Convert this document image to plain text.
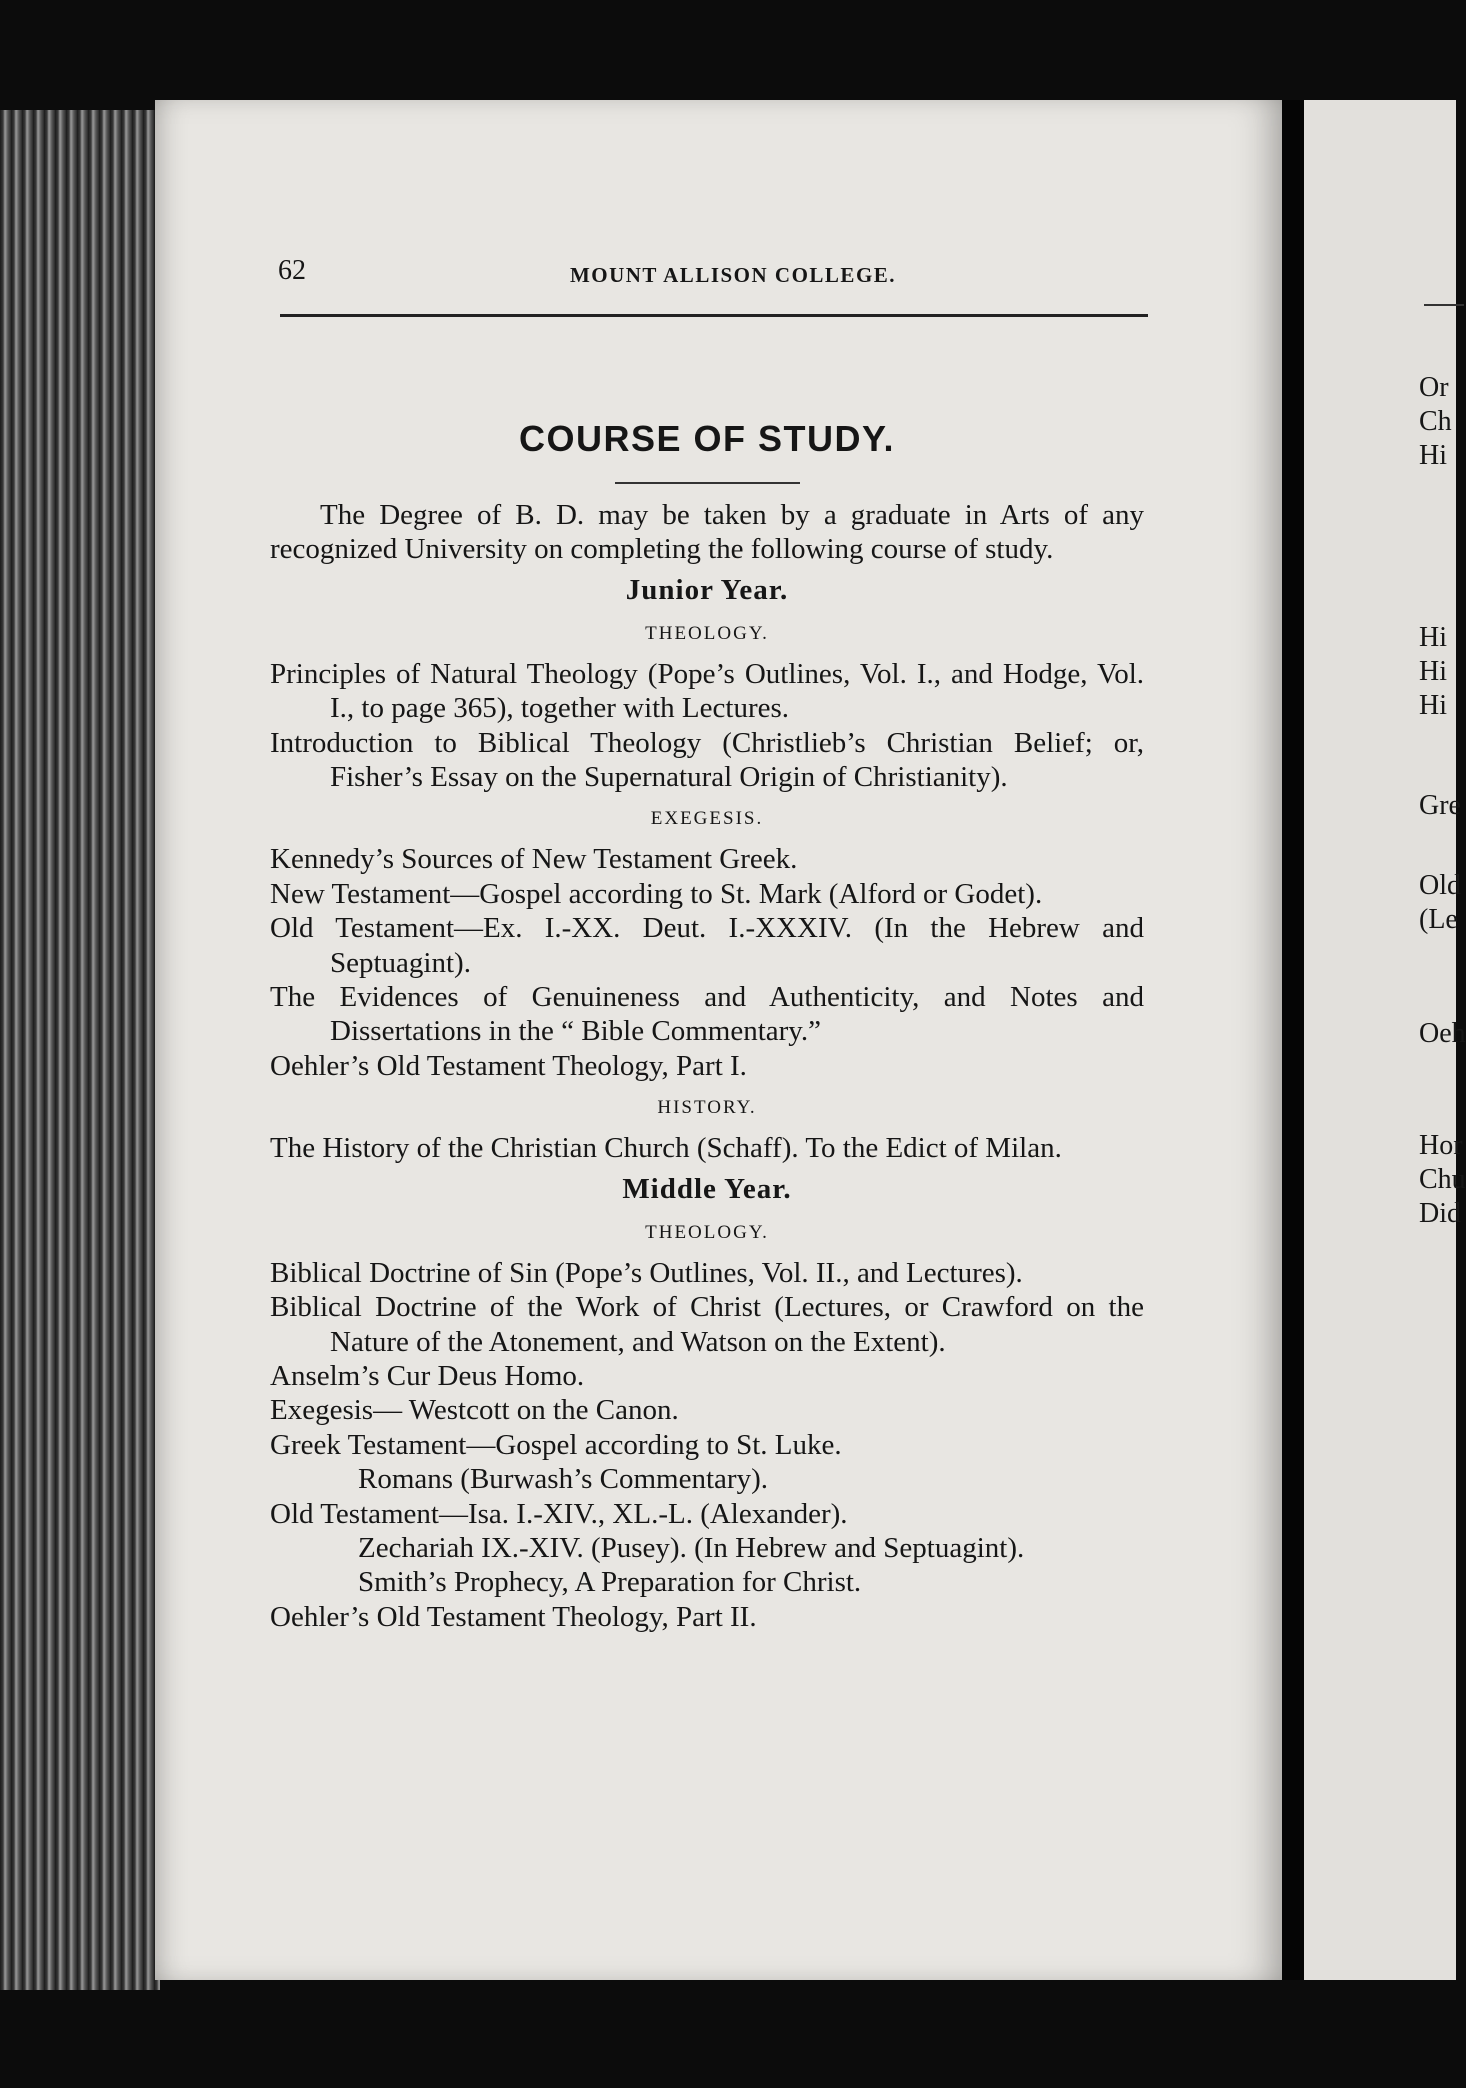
62	MOUNT ALLISON COLLEGE.
COURSE OF STUDY.

The Degree of B. D. may be taken by a graduate in Arts of any recognized University on completing the following course of study.

Junior Year.
THEOLOGY.

Principles of Natural Theology (Pope’s Outlines, Vol. I., and Hodge, Vol. I., to page 365), together with Lectures.

Introduction to Biblical Theology (Christlieb’s Christian Belief; or, Fisher’s Essay on the Supernatural Origin of Christianity).

EXEGESIS.

Kennedy’s Sources of New Testament Greek.

New Testament—Gospel according to St. Mark (Alford or Godet).

Old Testament—Ex. I.-XX. Deut. I.-XXXIV. (In the Hebrew and Septuagint).

The Evidences of Genuineness and Authenticity, and Notes and Dissertations in the “ Bible Commentary.”

Oehler’s Old Testament Theology, Part I.

HISTORY.

The History of the Christian Church (Schaff). To the Edict of Milan.

Middle Year.
THEOLOGY.

Biblical Doctrine of Sin (Pope’s Outlines, Vol. II., and Lectures).

Biblical Doctrine of the Work of Christ (Lectures, or Crawford on the Nature of the Atonement, and Watson on the Extent).

Anselm’s Cur Deus Homo.

Exegesis— Westcott on the Canon.

Greek Testament—Gospel according to St. Luke.

Romans (Burwash’s Commentary).

Old Testament—Isa. I.-XIV., XL.-L. (Alexander).

Zechariah IX.-XIV. (Pusey). (In Hebrew and Septuagint).

Smith’s Prophecy, A Preparation for Christ.

Oehler’s Old Testament Theology, Part II.

Or
Ch
Hi
Hi
Hi
Hi
Gre
Old
(Le
Oeh
Hor
Chu
Did
